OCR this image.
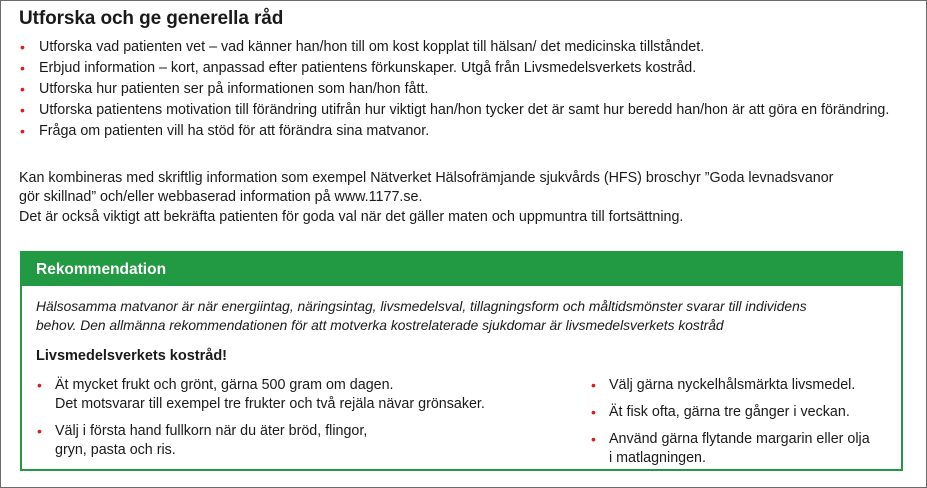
Utforska och ge generella råd
• Utforska vad patienten vet – vad känner han/hon till om kost kopplat till hälsan/ det medicinska tillståndet.
• Erbjud information – kort, anpassad efter patientens förkunskaper. Utgå från Livsmedelsverkets kostråd.
• Utforska hur patienten ser på informationen som han/hon fått.
• Utforska patientens motivation till förändring utifrån hur viktigt han/hon tycker det är samt hur beredd han/hon är att göra en förändring.
• Fråga om patienten vill ha stöd för att förändra sina matvanor.

Kan kombineras med skriftlig information som exempel Nätverket Hälsofrämjande sjukvårds (HFS) broschyr ”Goda levnadsvanor
gör skillnad” och/eller webbaserad information på www.1177.se.

Det är också viktigt att bekräfta patienten för goda val när det gäller maten och uppmuntra till fortsättning.

Rekommendation

Hälsosamma matvanor är när energiintag, näringsintag, livsmedelsval, tillagningsform och måltidsmönster svarar till individens
behov. Den allmänna rekommendationen för att motverka kostrelaterade sjukdomar är livsmedelsverkets kostråd

Livsmedelsverkets kostråd!

• Ät mycket frukt och grönt, gärna 500 gram om dagen.
Det motsvarar till exempel tre frukter och två rejäla nävar grönsaker.
• Välj i första hand fullkorn när du äter bröd, flingor,
gryn, pasta och ris.
• Välj gärna nyckelhålsmärkta livsmedel.
• Ät fisk ofta, gärna tre gånger i veckan.
• Använd gärna flytande margarin eller olja
i matlagningen.
